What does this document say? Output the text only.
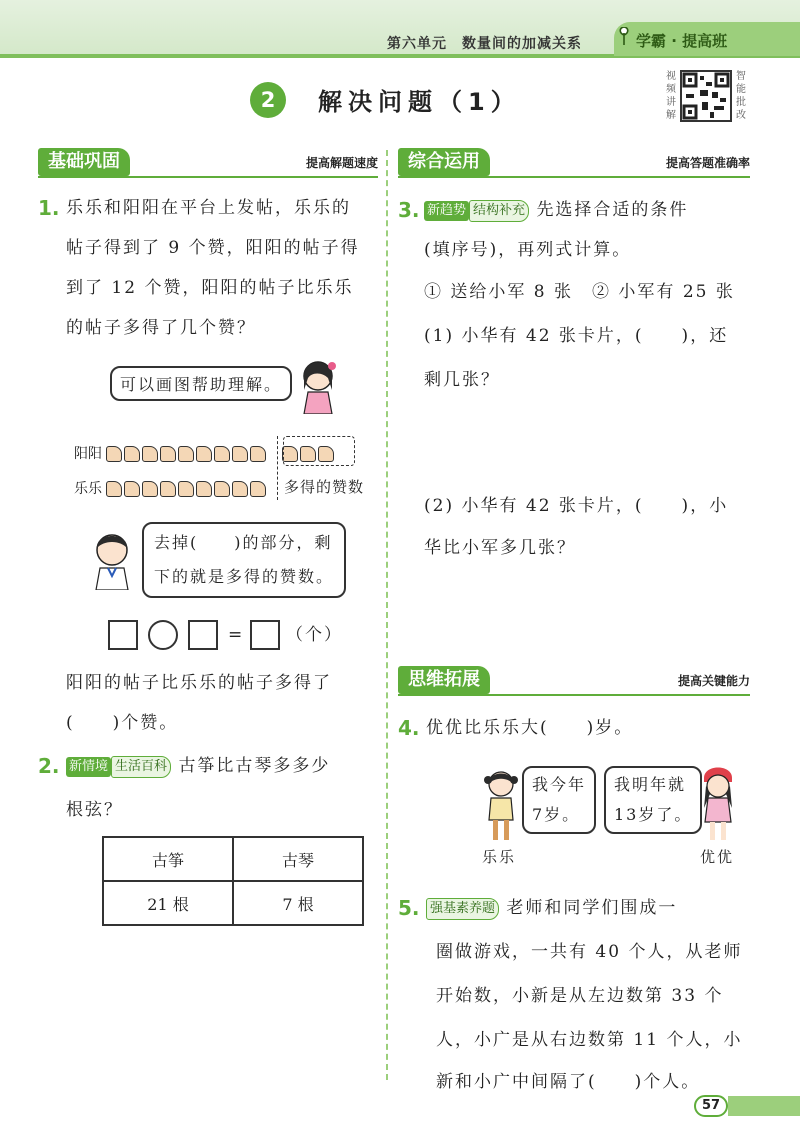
第六单元　数量间的加减关系	学霸 · 提高班
2	解决问题（1）
视频讲解
智能批改
基础巩固	提高解题速度
1. 乐乐和阳阳在平台上发帖，乐乐的
帖子得到了 9 个赞，阳阳的帖子得
到了 12 个赞，阳阳的帖子比乐乐
的帖子多得了几个赞？
可以画图帮助理解。
阳阳
乐乐	多得的赞数
去掉(　　)的部分，剩
下的就是多得的赞数。
= （个）
阳阳的帖子比乐乐的帖子多得了
(　　)个赞。
2. 新情境 生活百科 古筝比古琴多多少
根弦？
古筝	古琴
21 根	7 根
综合运用	提高答题准确率
3. 新趋势 结构补充 先选择合适的条件
(填序号)，再列式计算。
① 送给小军 8 张　② 小军有 25 张
(1) 小华有 42 张卡片，(　　)，还
剩几张？
(2) 小华有 42 张卡片，(　　)，小
华比小军多几张？
思维拓展	提高关键能力
4. 优优比乐乐大(　　)岁。
我今年
7岁。
我明年就
13岁了。
乐乐	优优
5. 强基素养题 老师和同学们围成一
圈做游戏，一共有 40 个人，从老师
开始数，小新是从左边数第 33 个
人，小广是从右边数第 11 个人，小
新和小广中间隔了(　　)个人。
57
